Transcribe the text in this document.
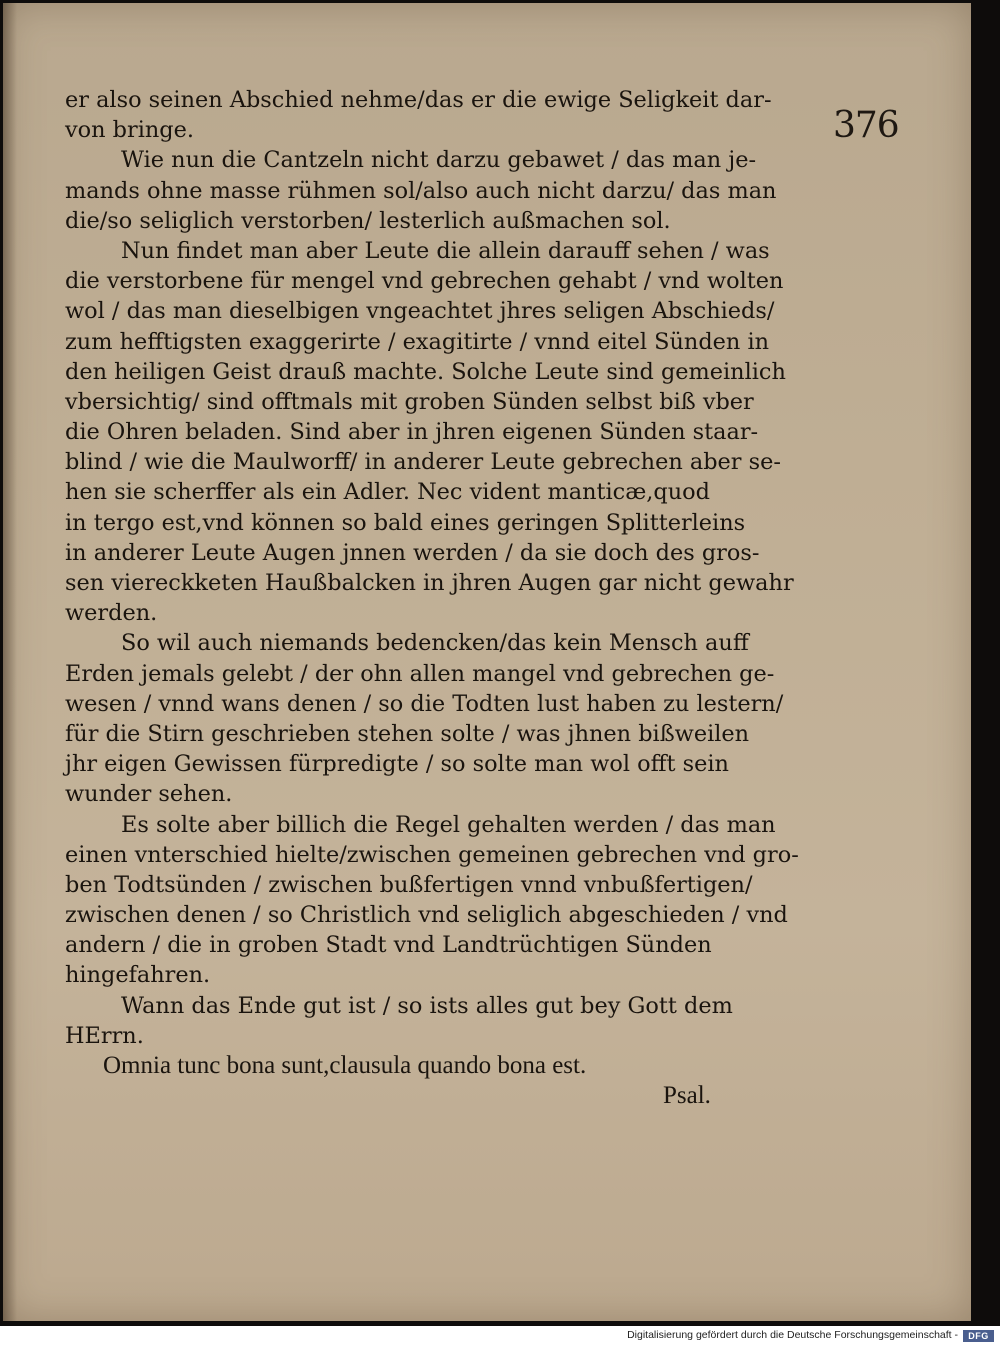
376
er also seinen Abschied nehme/das er die ewige Seligkeit dar-
von bringe.
Wie nun die Cantzeln nicht darzu gebawet / das man je-
mands ohne masse rühmen sol/also auch nicht darzu/ das man
die/so seliglich verstorben/ lesterlich außmachen sol.
Nun findet man aber Leute die allein darauff sehen / was
die verstorbene für mengel vnd gebrechen gehabt / vnd wolten
wol / das man dieselbigen vngeachtet jhres seligen Abschieds/
zum hefftigsten exaggerirte / exagitirte / vnnd eitel Sünden in
den heiligen Geist drauß machte. Solche Leute sind gemeinlich
vbersichtig/ sind offtmals mit groben Sünden selbst biß vber
die Ohren beladen. Sind aber in jhren eigenen Sünden staar-
blind / wie die Maulworff/ in anderer Leute gebrechen aber se-
hen sie scherffer als ein Adler. Nec vident manticæ,quod
in tergo est,vnd können so bald eines geringen Splitterleins
in anderer Leute Augen jnnen werden / da sie doch des gros-
sen viereckketen Haußbalcken in jhren Augen gar nicht gewahr
werden.
So wil auch niemands bedencken/das kein Mensch auff
Erden jemals gelebt / der ohn allen mangel vnd gebrechen ge-
wesen / vnnd wans denen / so die Todten lust haben zu lestern/
für die Stirn geschrieben stehen solte / was jhnen bißweilen
jhr eigen Gewissen fürpredigte / so solte man wol offt sein
wunder sehen.
Es solte aber billich die Regel gehalten werden / das man
einen vnterschied hielte/zwischen gemeinen gebrechen vnd gro-
ben Todtsünden / zwischen bußfertigen vnnd vnbußfertigen/
zwischen denen / so Christlich vnd seliglich abgeschieden / vnd
andern / die in groben Stadt vnd Landtrüchtigen Sünden
hingefahren.
Wann das Ende gut ist / so ists alles gut bey Gott dem
HErrn.
Omnia tunc bona sunt,clausula quando bona est.
Psal.
Digitalisierung gefördert durch die Deutsche Forschungsgemeinschaft -	DFG
